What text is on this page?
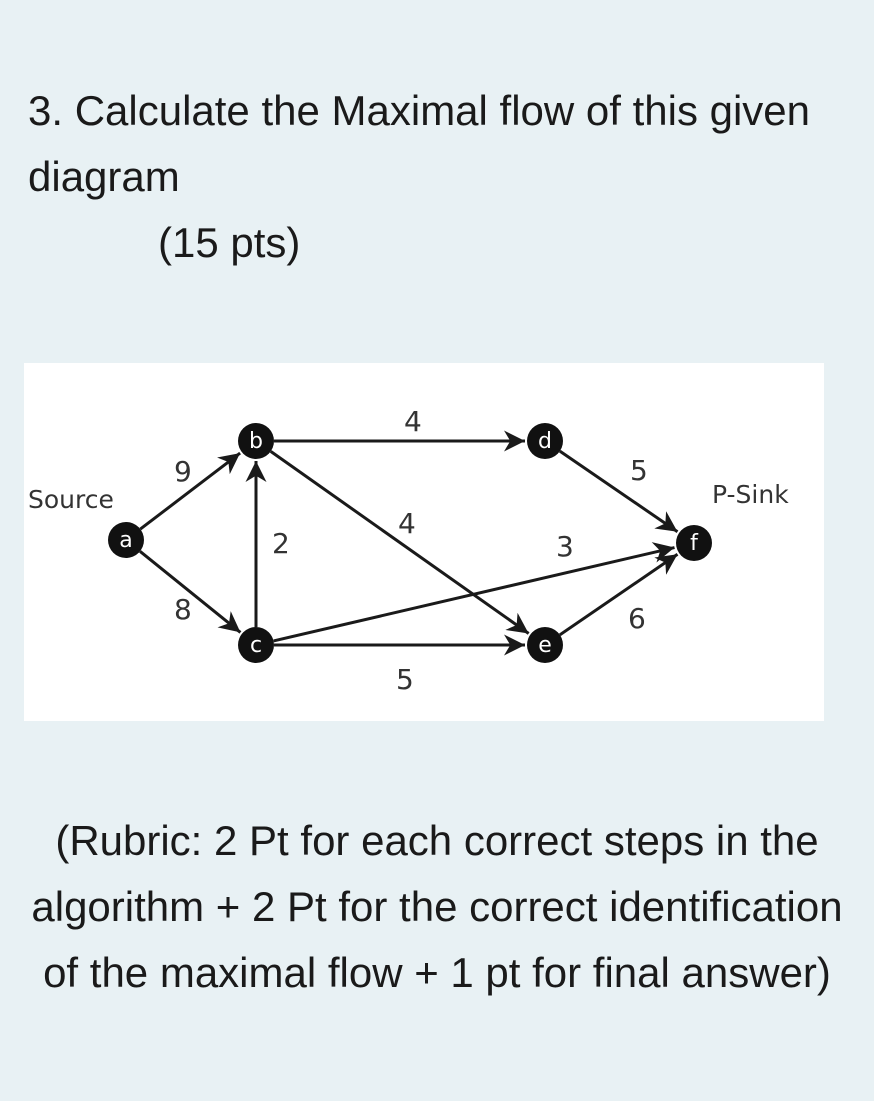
3. Calculate the Maximal flow of this given diagram
(15 pts)

9
8
2
4
4
5
3
5
6
a
b
c
d
e
f
Source	P-Sink

(Rubric: 2 Pt for each correct steps in the algorithm + 2 Pt for the correct identification of the maximal flow + 1 pt for final answer)
